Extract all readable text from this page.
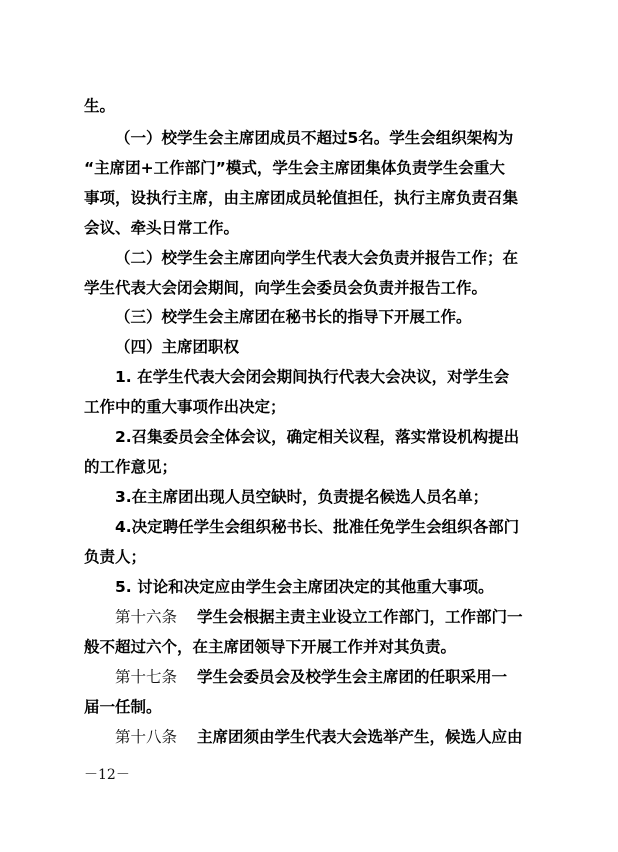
生。
（一）校学生会主席团成员不超过5名。学生会组织架构为
“主席团+工作部门”模式，学生会主席团集体负责学生会重大
事项，设执行主席，由主席团成员轮值担任，执行主席负责召集
会议、牵头日常工作。
（二）校学生会主席团向学生代表大会负责并报告工作；在
学生代表大会闭会期间，向学生会委员会负责并报告工作。
（三）校学生会主席团在秘书长的指导下开展工作。
（四）主席团职权
1. 在学生代表大会闭会期间执行代表大会决议，对学生会
工作中的重大事项作出决定；
2.召集委员会全体会议，确定相关议程，落实常设机构提出
的工作意见；
3.在主席团出现人员空缺时，负责提名候选人员名单；
4.决定聘任学生会组织秘书长、批准任免学生会组织各部门
负责人；
5. 讨论和决定应由学生会主席团决定的其他重大事项。
第十六条 学生会根据主责主业设立工作部门，工作部门一
般不超过六个，在主席团领导下开展工作并对其负责。
第十七条 学生会委员会及校学生会主席团的任职采用一
届一任制。
第十八条 主席团须由学生代表大会选举产生，候选人应由
－12－
